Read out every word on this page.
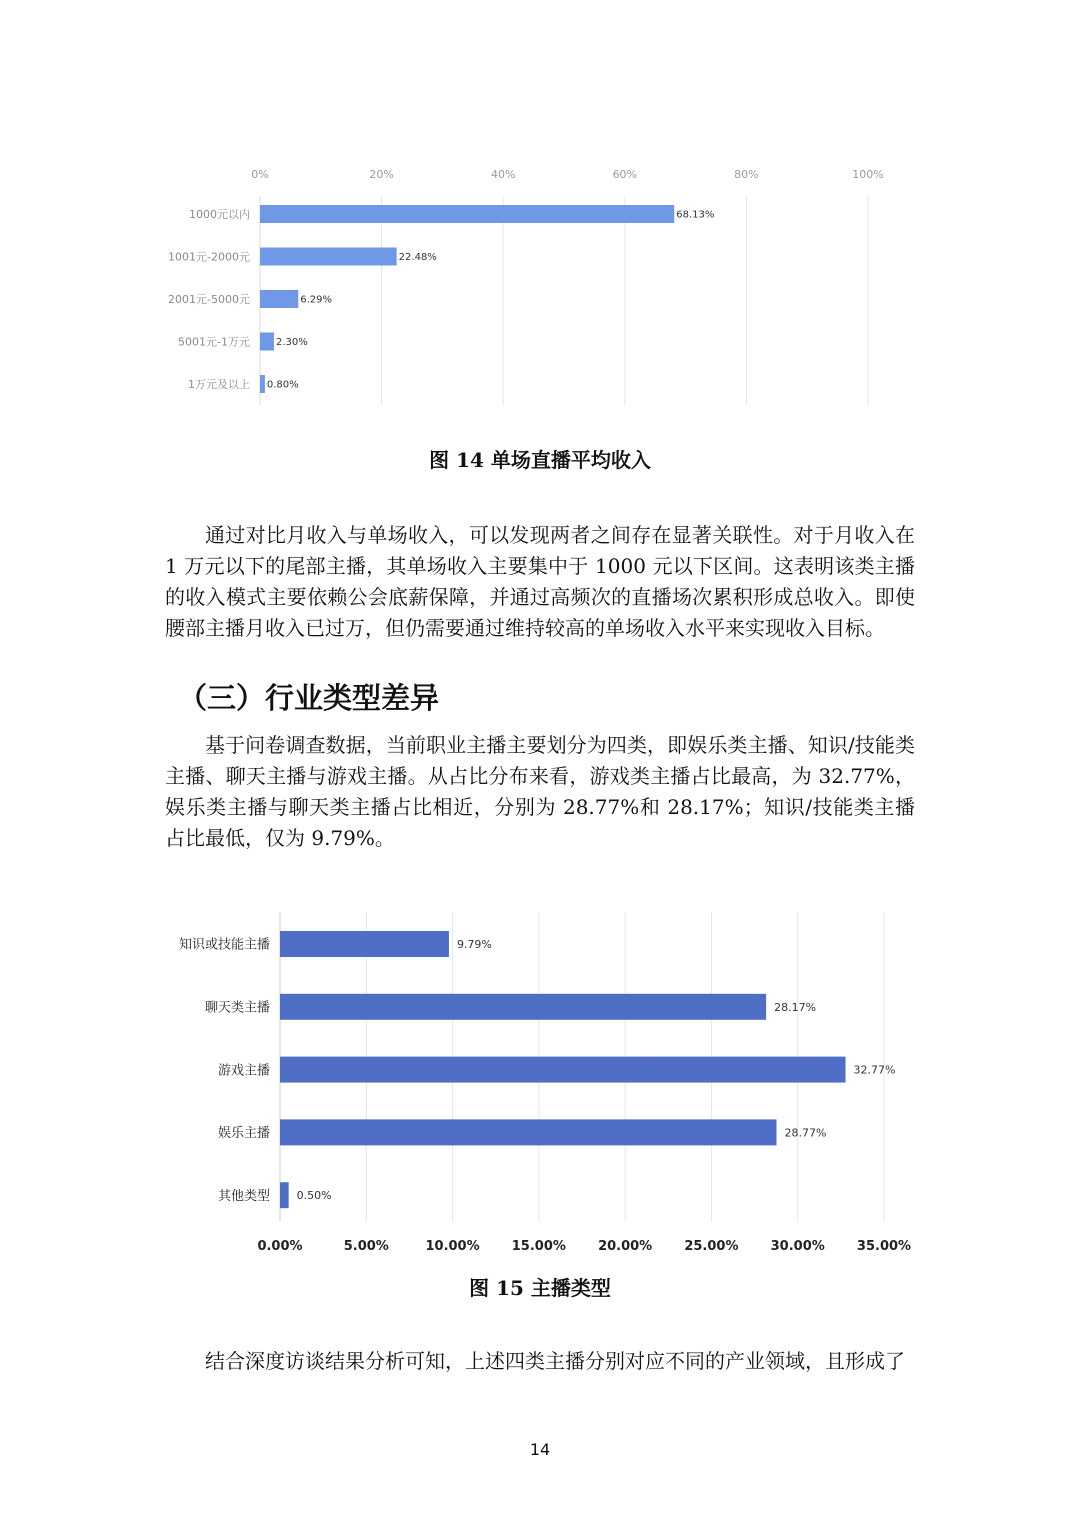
0%	20%	40%	60%	80%	100%
1000元以内
1001元-2000元
2001元-5000元
5001元-1万元
1万元及以上
68.13%
22.48%
6.29%
2.30%
0.80%
图 14 单场直播平均收入

通过对比月收入与单场收入，可以发现两者之间存在显著关联性。对于月收入在 1 万元以下的尾部主播，其单场收入主要集中于 1000 元以下区间。这表明该类主播的收入模式主要依赖公会底薪保障，并通过高频次的直播场次累积形成总收入。即使腰部主播月收入已过万，但仍需要通过维持较高的单场收入水平来实现收入目标。

（三）行业类型差异

基于问卷调查数据，当前职业主播主要划分为四类，即娱乐类主播、知识/技能类主播、聊天主播与游戏主播。从占比分布来看，游戏类主播占比最高，为 32.77%，娱乐类主播与聊天类主播占比相近，分别为 28.77%和 28.17%；知识/技能类主播占比最低，仅为 9.79%。

0.00%	5.00%	10.00% 15.00% 20.00% 25.00% 30.00% 35.00%
知识或技能主播
聊天类主播
游戏主播
娱乐主播
其他类型
9.79%
28.17%
32.77%
28.77%
0.50%
图 15 主播类型

结合深度访谈结果分析可知，上述四类主播分别对应不同的产业领域，且形成了

14
